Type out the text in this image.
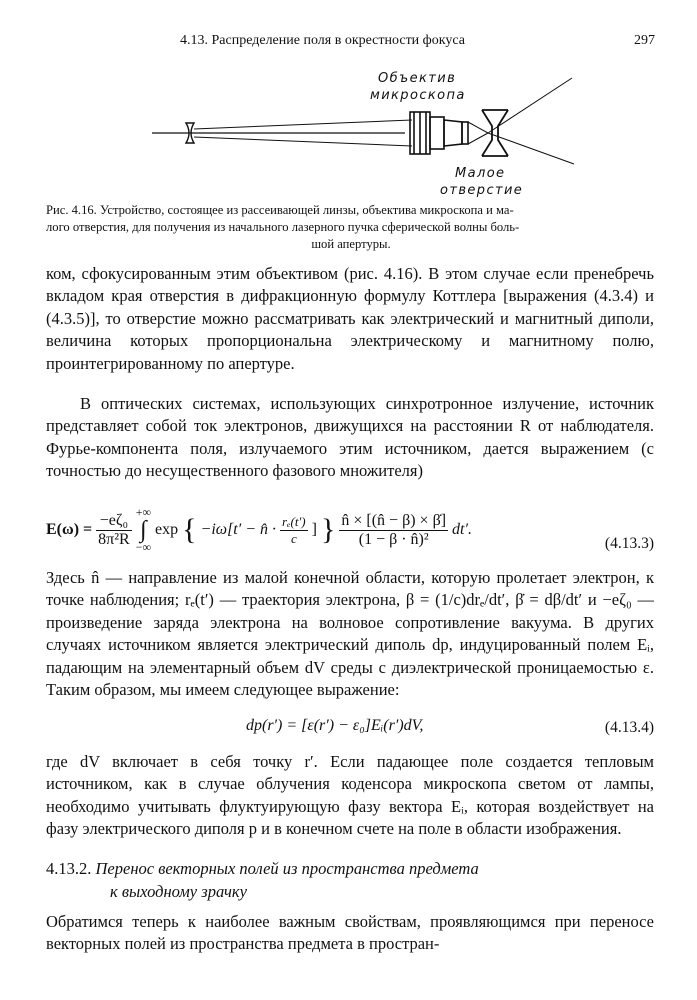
4.13. Распределение поля в окрестности фокуса	297
Объектив
микроскопа
Малое
отверстие
Рис. 4.16. Устройство, состоящее из рассеивающей линзы, объектива микроскопа и ма-
лого отверстия, для получения из начального лазерного пучка сферической волны боль-
шой апертуры.
ком, сфокусированным этим объективом (рис. 4.16). В этом случае если пренебречь вкладом края отверстия в дифракционную формулу Коттлера [выражения (4.3.4) и (4.3.5)], то отверстие можно рассматривать как электрический и магнитный диполи, величина которых пропорциональна электрическому и магнитному полю, проинтегрированному по апертуре.
В оптических системах, использующих синхротронное излучение, источник представляет собой ток электронов, движущихся на расстоянии R от наблюдателя. Фурье-компонента поля, излучаемого этим источником, дается выражением (с точностью до несущественного фазового множителя)
$E(\omega) = \frac{\text{−eζ₀}}{\text{8π²R}}$
+∞
∫
−∞
exp { −iω[t′ − n̂ · $\frac{\text{rₑ(t′)}}{c}$ ] } $\frac{n̂ \times [(n̂ - \beta) \times \betȧ]}{\text{(1 − β · n̂)²}} dt'$.
(4.13.3)
Здесь n̂ — направление из малой конечной области, которую пролетает электрон, к точке наблюдения; rₑ(t′) — траектория электрона, β = (1/c)drₑ/dt′, β̇ = dβ/dt′ и −eζ₀ — произведение заряда электрона на волновое сопротивление вакуума. В других случаях источником является электрический диполь dp, индуцированный полем Eᵢ, падающим на элементарный объем dV среды с диэлектрической проницаемостью ε. Таким образом, мы имеем следующее выражение:
dp(r′) = [ε(r′) − ε₀]Eᵢ(r′)dV,	(4.13.4)
где dV включает в себя точку r′. Если падающее поле создается тепловым источником, как в случае облучения коденсора микроскопа светом от лампы, необходимо учитывать флуктуирующую фазу вектора Eᵢ, которая воздействует на фазу электрического диполя p и в конечном счете на поле в области изображения.
4.13.2. Перенос векторных полей из пространства предмета
к выходному зрачку
Обратимся теперь к наиболее важным свойствам, проявляющимся при переносе векторных полей из пространства предмета в простран-
